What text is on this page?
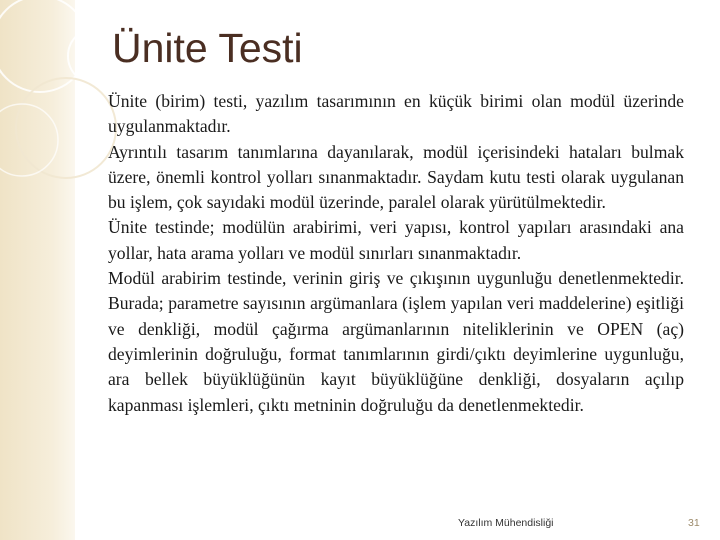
Ünite Testi

Ünite (birim) testi, yazılım tasarımının en küçük birimi olan modül üzerinde uygulanmaktadır.

Ayrıntılı tasarım tanımlarına dayanılarak, modül içerisindeki hataları bulmak üzere, önemli kontrol yolları sınanmaktadır. Saydam kutu testi olarak uygulanan bu işlem, çok sayıdaki modül üzerinde, paralel olarak yürütülmektedir.

Ünite testinde; modülün arabirimi, veri yapısı, kontrol yapıları arasındaki ana yollar, hata arama yolları ve modül sınırları sınanmaktadır.

Modül arabirim testinde, verinin giriş ve çıkışının uygunluğu denetlenmektedir. Burada; parametre sayısının argümanlara (işlem yapılan veri maddelerine) eşitliği ve denkliği, modül çağırma argümanlarının niteliklerinin ve OPEN (aç) deyimlerinin doğruluğu, format tanımlarının girdi/çıktı deyimlerine uygunluğu, ara bellek büyüklüğünün kayıt büyüklüğüne denkliği, dosyaların açılıp kapanması işlemleri, çıktı metninin doğruluğu da denetlenmektedir.

Yazılım Mühendisliği	31
